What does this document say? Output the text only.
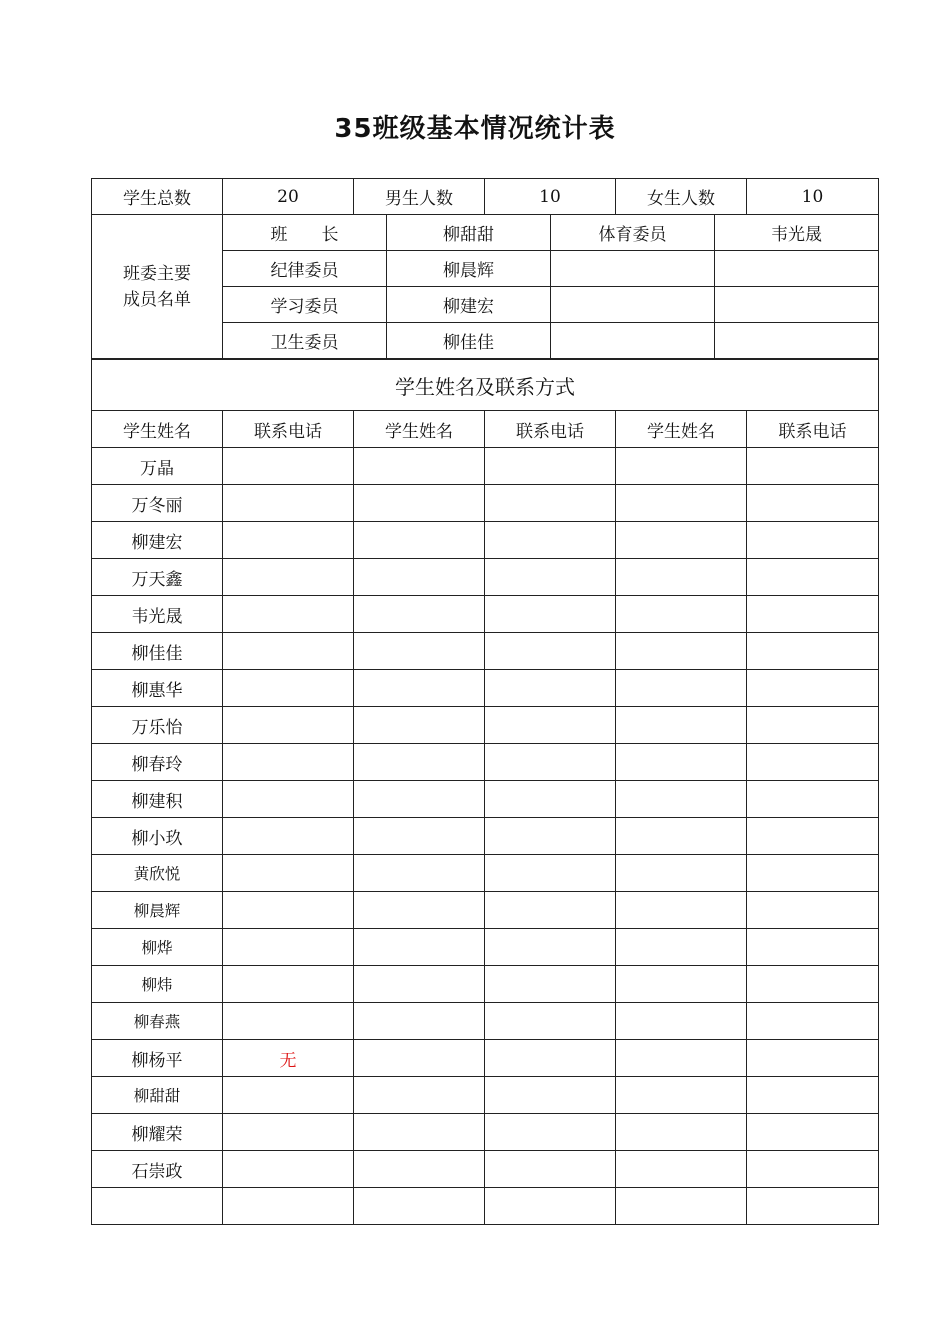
35班级基本情况统计表
学生总数	20	男生人数	10	女生人数	10
班委主要成员名单	班　　长	柳甜甜	体育委员	韦光晟
	纪律委员	柳晨辉		
	学习委员	柳建宏		
	卫生委员	柳佳佳		
学生姓名及联系方式					
学生姓名	联系电话	学生姓名	联系电话	学生姓名	联系电话
万晶					
万冬丽					
柳建宏					
万天鑫					
韦光晟					
柳佳佳					
柳惠华					
万乐怡					
柳春玲					
柳建积					
柳小玖					
黄欣悦					
柳晨辉					
柳烨					
柳炜					
柳春燕					
柳杨平	无				
柳甜甜					
柳耀荣					
石崇政					
